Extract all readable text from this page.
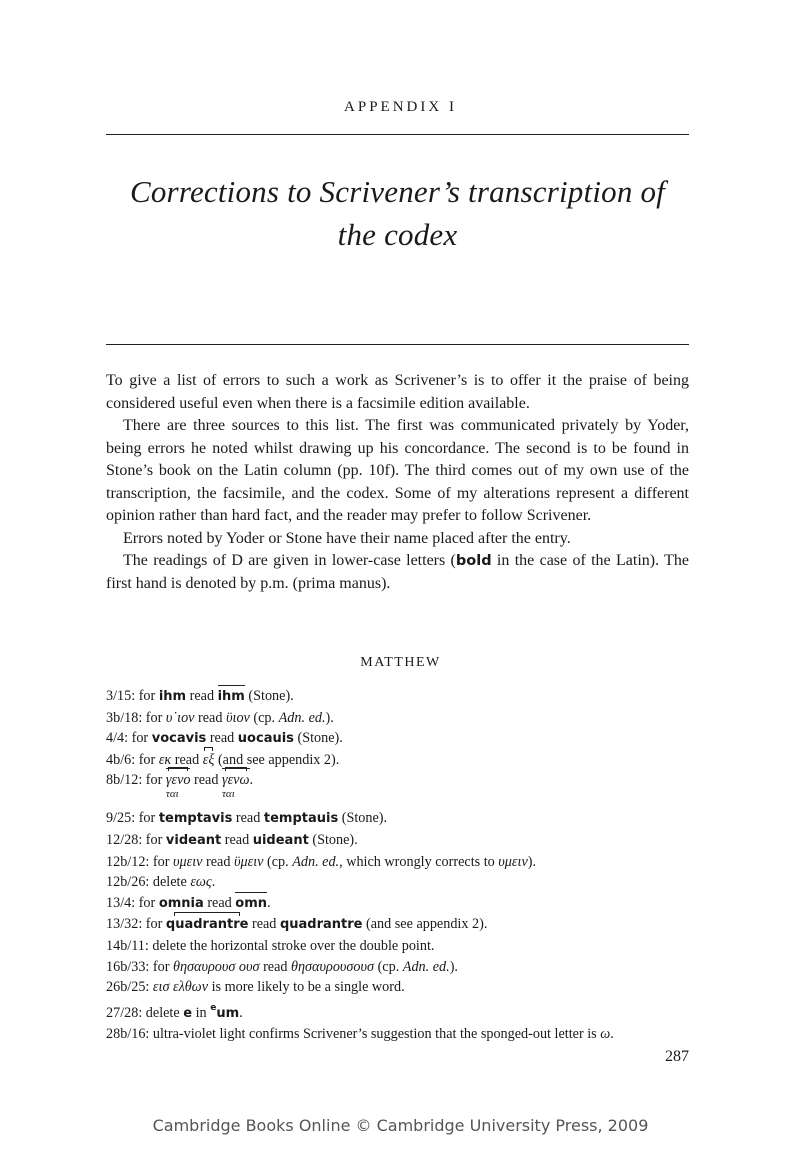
APPENDIX I
Corrections to Scrivener’s transcription of
the codex

To give a list of errors to such a work as Scrivener’s is to offer it the praise of being considered useful even when there is a facsimile edition available.

There are three sources to this list. The first was communicated privately by Yoder, being errors he noted whilst drawing up his concordance. The second is to be found in Stone’s book on the Latin column (pp. 10f). The third comes out of my own use of the transcription, the facsimile, and the codex. Some of my alterations represent a different opinion rather than hard fact, and the reader may prefer to follow Scrivener.

Errors noted by Yoder or Stone have their name placed after the entry.

The readings of D are given in lower-case letters (bold in the case of the Latin). The first hand is denoted by p.m. (prima manus).

MATTHEW
3/15: for ihm read ihm (Stone).
3b/18: for υ˙ιον read ϋιον (cp. Adn. ed.).
4/4: for vocavis read uocauis (Stone).
4b/6: for εκ read εξ (and see appendix 2).
8b/12: for γενο
ται
read γενω
ται
.
9/25: for temptavis read temptauis (Stone).
12/28: for videant read uideant (Stone).
12b/12: for υμειν read ϋμειν (cp. Adn. ed., which wrongly corrects to υμειν).
12b/26: delete εως.
13/4: for omnia read omn.
13/32: for quadrantre read quadrantre (and see appendix 2).
14b/11: delete the horizontal stroke over the double point.
16b/33: for θησαυρουσ ουσ read θησαυρουσουσ (cp. Adn. ed.).
26b/25: εισ ελθων is more likely to be a single word.
27/28: delete e in $^e$um.
28b/16: ultra-violet light confirms Scrivener’s suggestion that the sponged-out letter is ω.
287
Cambridge Books Online © Cambridge University Press, 2009
